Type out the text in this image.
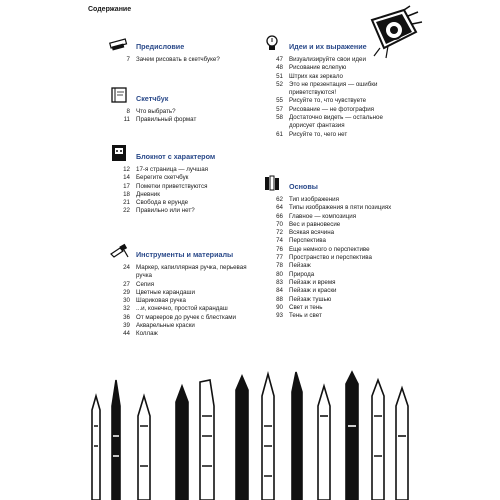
Содержание
Предисловие
7 Зачем рисовать в скетчбуке?
Скетчбук
8 Что выбрать?
11 Правильный формат
Блокнот с характером
12 17-я страница — лучшая
14 Берегите скетчбук
17 Пометки приветствуются
18 Дневник
21 Свобода в ерунде
22 Правильно или нет?
Инструменты и материалы
24 Маркер, капиллярная ручка, перьевая ручка
27 Сепия
29 Цветные карандаши
30 Шариковая ручка
32 ...и, конечно, простой карандаш
36 От маркеров до ручек с блестками
39 Акварельные краски
44 Коллаж
Идеи и их выражение
47 Визуализируйте свои идеи
48 Рисование вслепую
51 Штрих как зеркало
52 Это не презентация — ошибки приветствуются!
55 Рисуйте то, что чувствуете
57 Рисование — не фотография
58 Достаточно видеть — остальное дорисует фантазия
61 Рисуйте то, чего нет
Основы
62 Тип изображения
64 Типы изображения в пяти позициях
66 Главное — композиция
70 Вес и равновесие
72 Всякая всячина
74 Перспектива
76 Еще немного о перспективе
77 Пространство и перспектива
78 Пейзаж
80 Природа
83 Пейзаж и время
84 Пейзаж и краски
88 Пейзаж тушью
90 Свет и тень
93 Тень и свет
